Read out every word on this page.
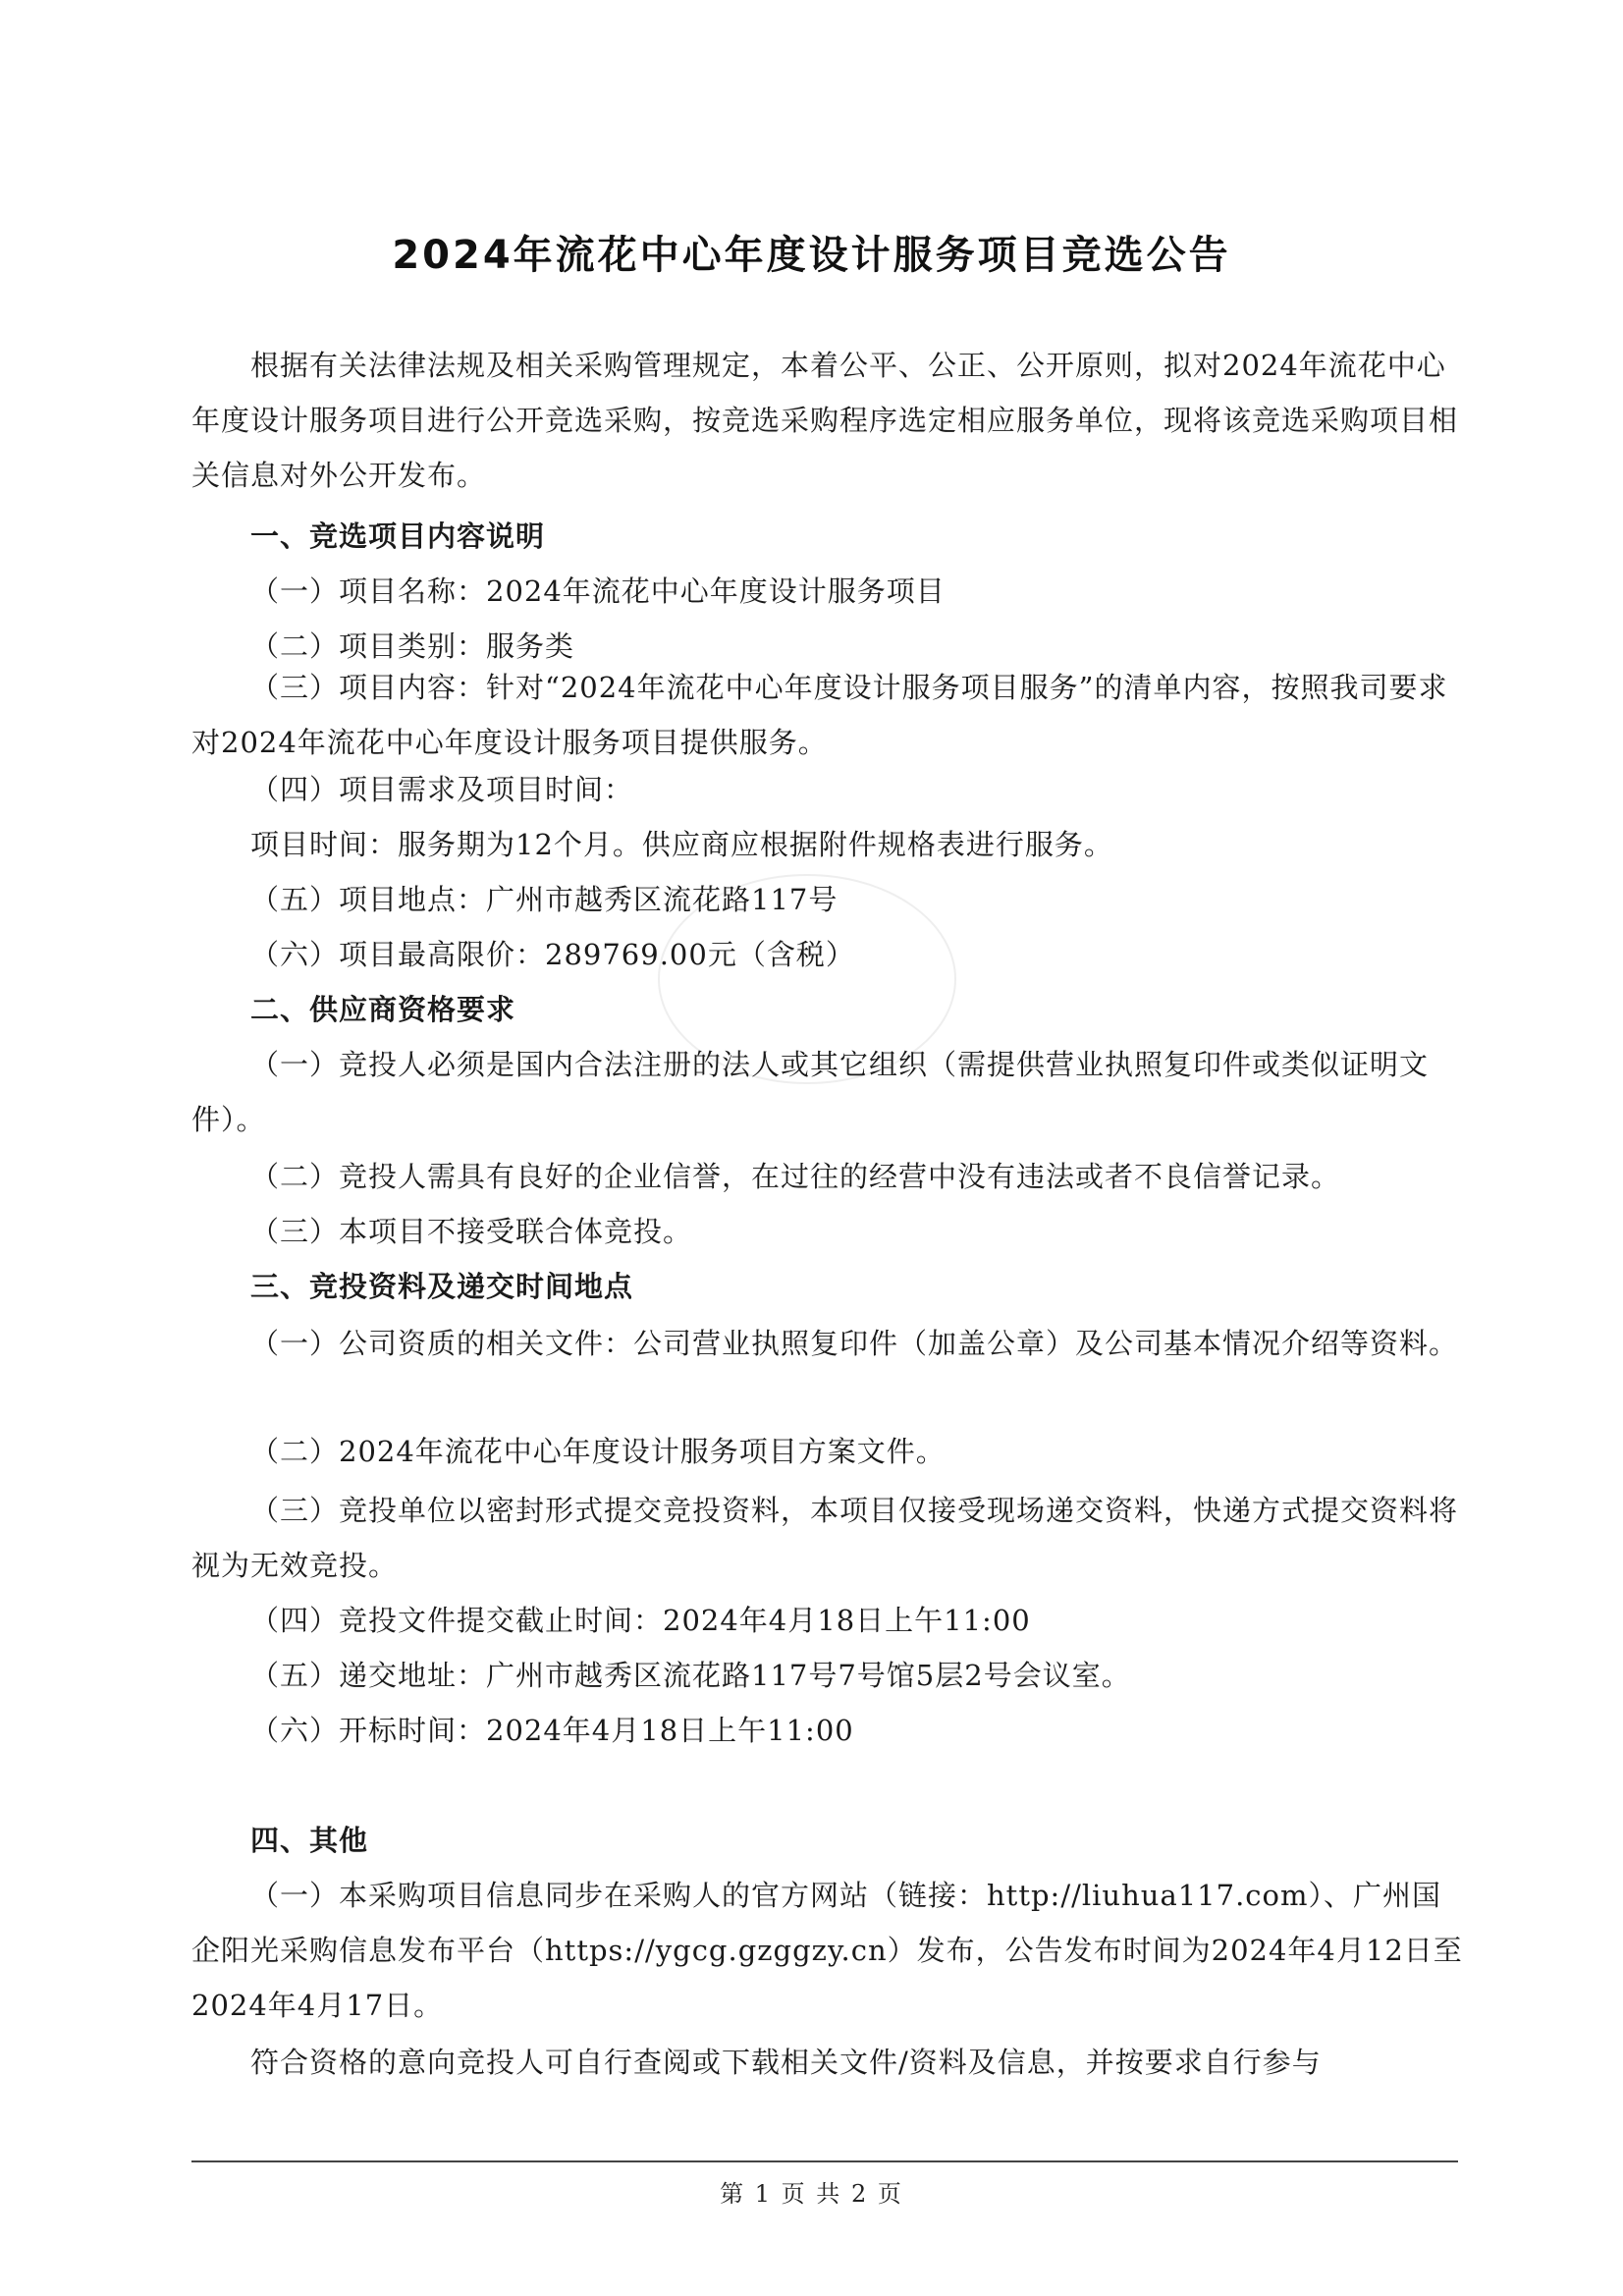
2024年流花中心年度设计服务项目竞选公告

根据有关法律法规及相关采购管理规定，本着公平、公正、公开原则，拟对2024年流花中心年度设计服务项目进行公开竞选采购，按竞选采购程序选定相应服务单位，现将该竞选采购项目相关信息对外公开发布。

一、竞选项目内容说明

（一）项目名称：2024年流花中心年度设计服务项目

（二）项目类别：服务类

（三）项目内容：针对“2024年流花中心年度设计服务项目服务”的清单内容，按照我司要求对2024年流花中心年度设计服务项目提供服务。

（四）项目需求及项目时间：

项目时间：服务期为12个月。供应商应根据附件规格表进行服务。

（五）项目地点：广州市越秀区流花路117号

（六）项目最高限价：289769.00元（含税）

二、供应商资格要求

（一）竞投人必须是国内合法注册的法人或其它组织（需提供营业执照复印件或类似证明文件）。

（二）竞投人需具有良好的企业信誉，在过往的经营中没有违法或者不良信誉记录。

（三）本项目不接受联合体竞投。

三、竞投资料及递交时间地点

（一）公司资质的相关文件：公司营业执照复印件（加盖公章）及公司基本情况介绍等资料。

（二）2024年流花中心年度设计服务项目方案文件。

（三）竞投单位以密封形式提交竞投资料，本项目仅接受现场递交资料，快递方式提交资料将视为无效竞投。

（四）竞投文件提交截止时间：2024年4月18日上午11:00

（五）递交地址：广州市越秀区流花路117号7号馆5层2号会议室。

（六）开标时间：2024年4月18日上午11:00

四、其他

（一）本采购项目信息同步在采购人的官方网站（链接：http://liuhua117.com）、广州国企阳光采购信息发布平台（https://ygcg.gzggzy.cn）发布，公告发布时间为2024年4月12日至2024年4月17日。

符合资格的意向竞投人可自行查阅或下载相关文件/资料及信息，并按要求自行参与

第 1 页 共 2 页
